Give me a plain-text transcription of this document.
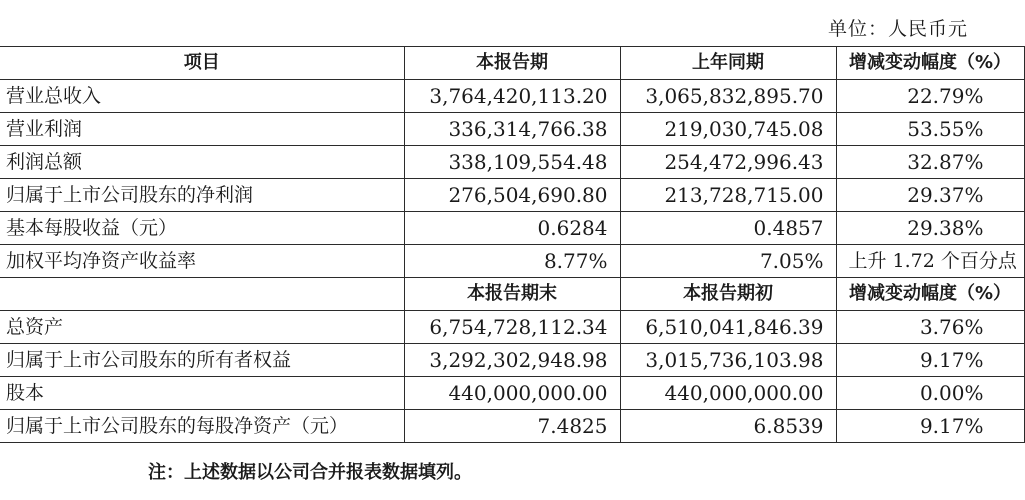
单位：人民币元
项目	本报告期	上年同期	增减变动幅度（%）
营业总收入	3,764,420,113.20	3,065,832,895.70	22.79%
营业利润	336,314,766.38	219,030,745.08	53.55%
利润总额	338,109,554.48	254,472,996.43	32.87%
归属于上市公司股东的净利润	276,504,690.80	213,728,715.00	29.37%
基本每股收益（元）	0.6284	0.4857	29.38%
加权平均净资产收益率	8.77%	7.05%	上升 1.72 个百分点
	本报告期末	本报告期初	增减变动幅度（%）
总资产	6,754,728,112.34	6,510,041,846.39	3.76%
归属于上市公司股东的所有者权益	3,292,302,948.98	3,015,736,103.98	9.17%
股本	440,000,000.00	440,000,000.00	0.00%
归属于上市公司股东的每股净资产（元）	7.4825	6.8539	9.17%
注：上述数据以公司合并报表数据填列。
